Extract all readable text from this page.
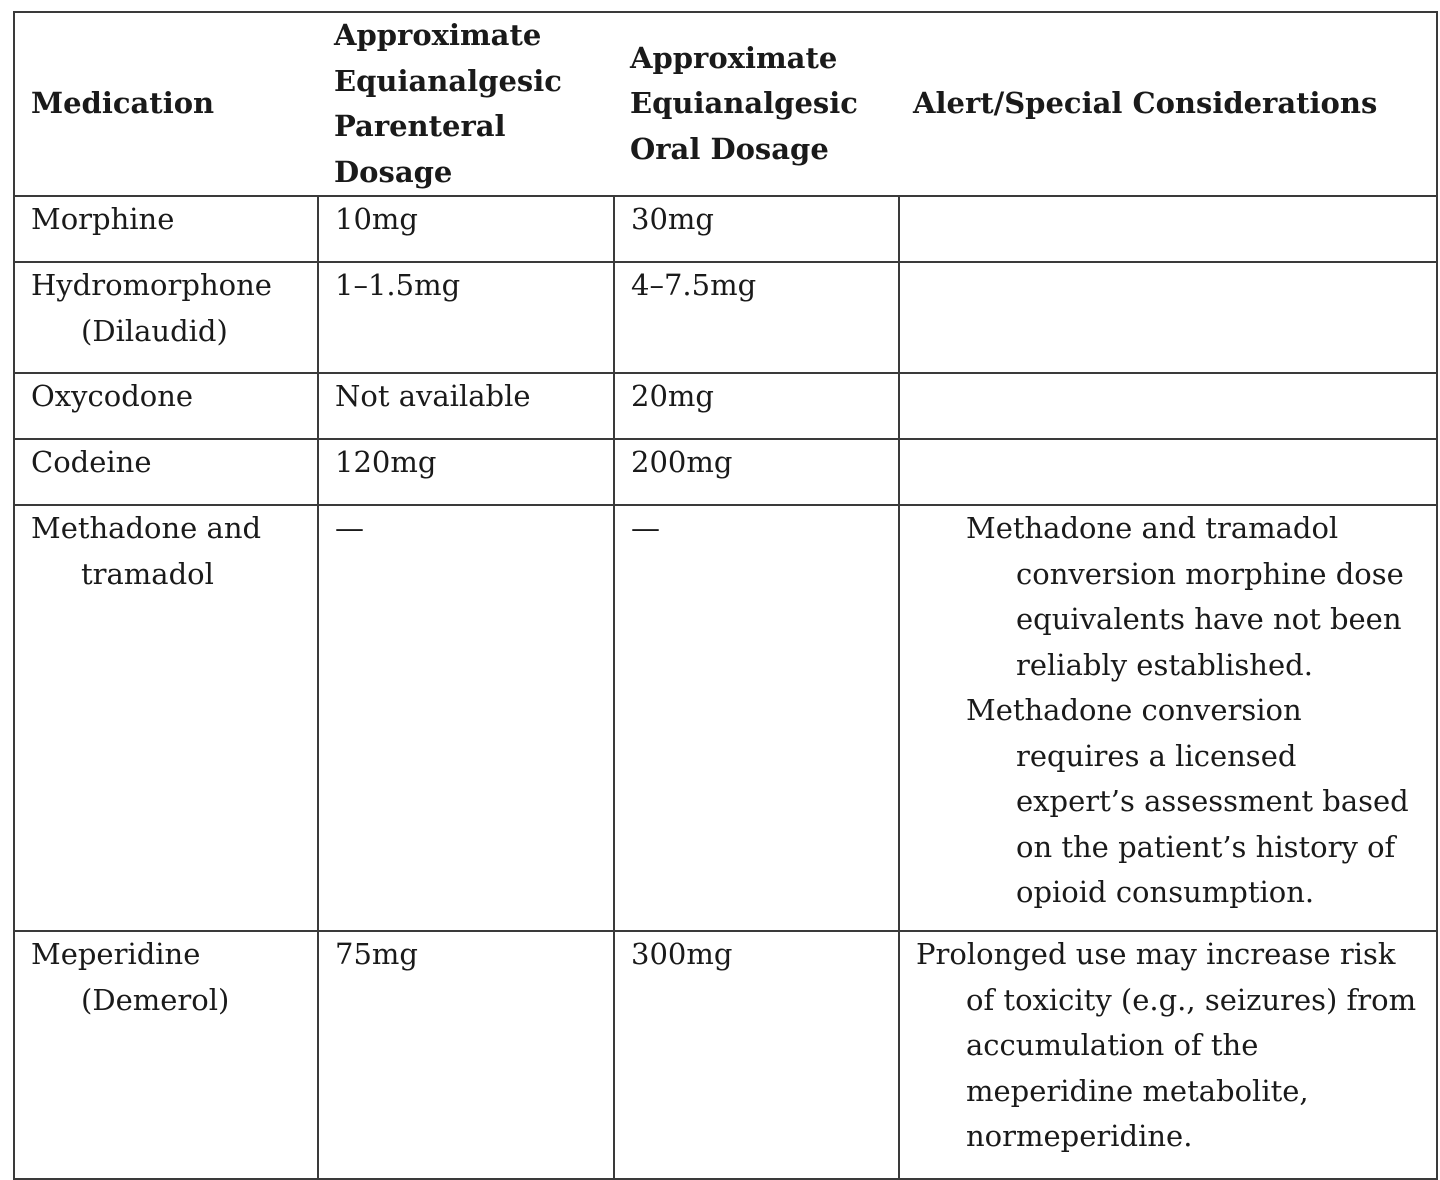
Medication	Approximate Equianalgesic Parenteral Dosage	Approximate Equianalgesic Oral Dosage	Alert/Special Considerations

Morphine	10mg	30mg	

Hydromorphone (Dilaudid)	1–1.5mg	4–7.5mg	

Oxycodone	Not available	20mg	

Codeine	120mg	200mg	

Methadone and tramadol	—	—	Methadone and tramadol conversion morphine dose equivalents have not been reliably established.
Methadone conversion requires a licensed expert’s assessment based on the patient’s history of opioid consumption.

Meperidine (Demerol)	75mg	300mg	Prolonged use may increase risk of toxicity (e.g., seizures) from accumulation of the meperidine metabolite, normeperidine.
